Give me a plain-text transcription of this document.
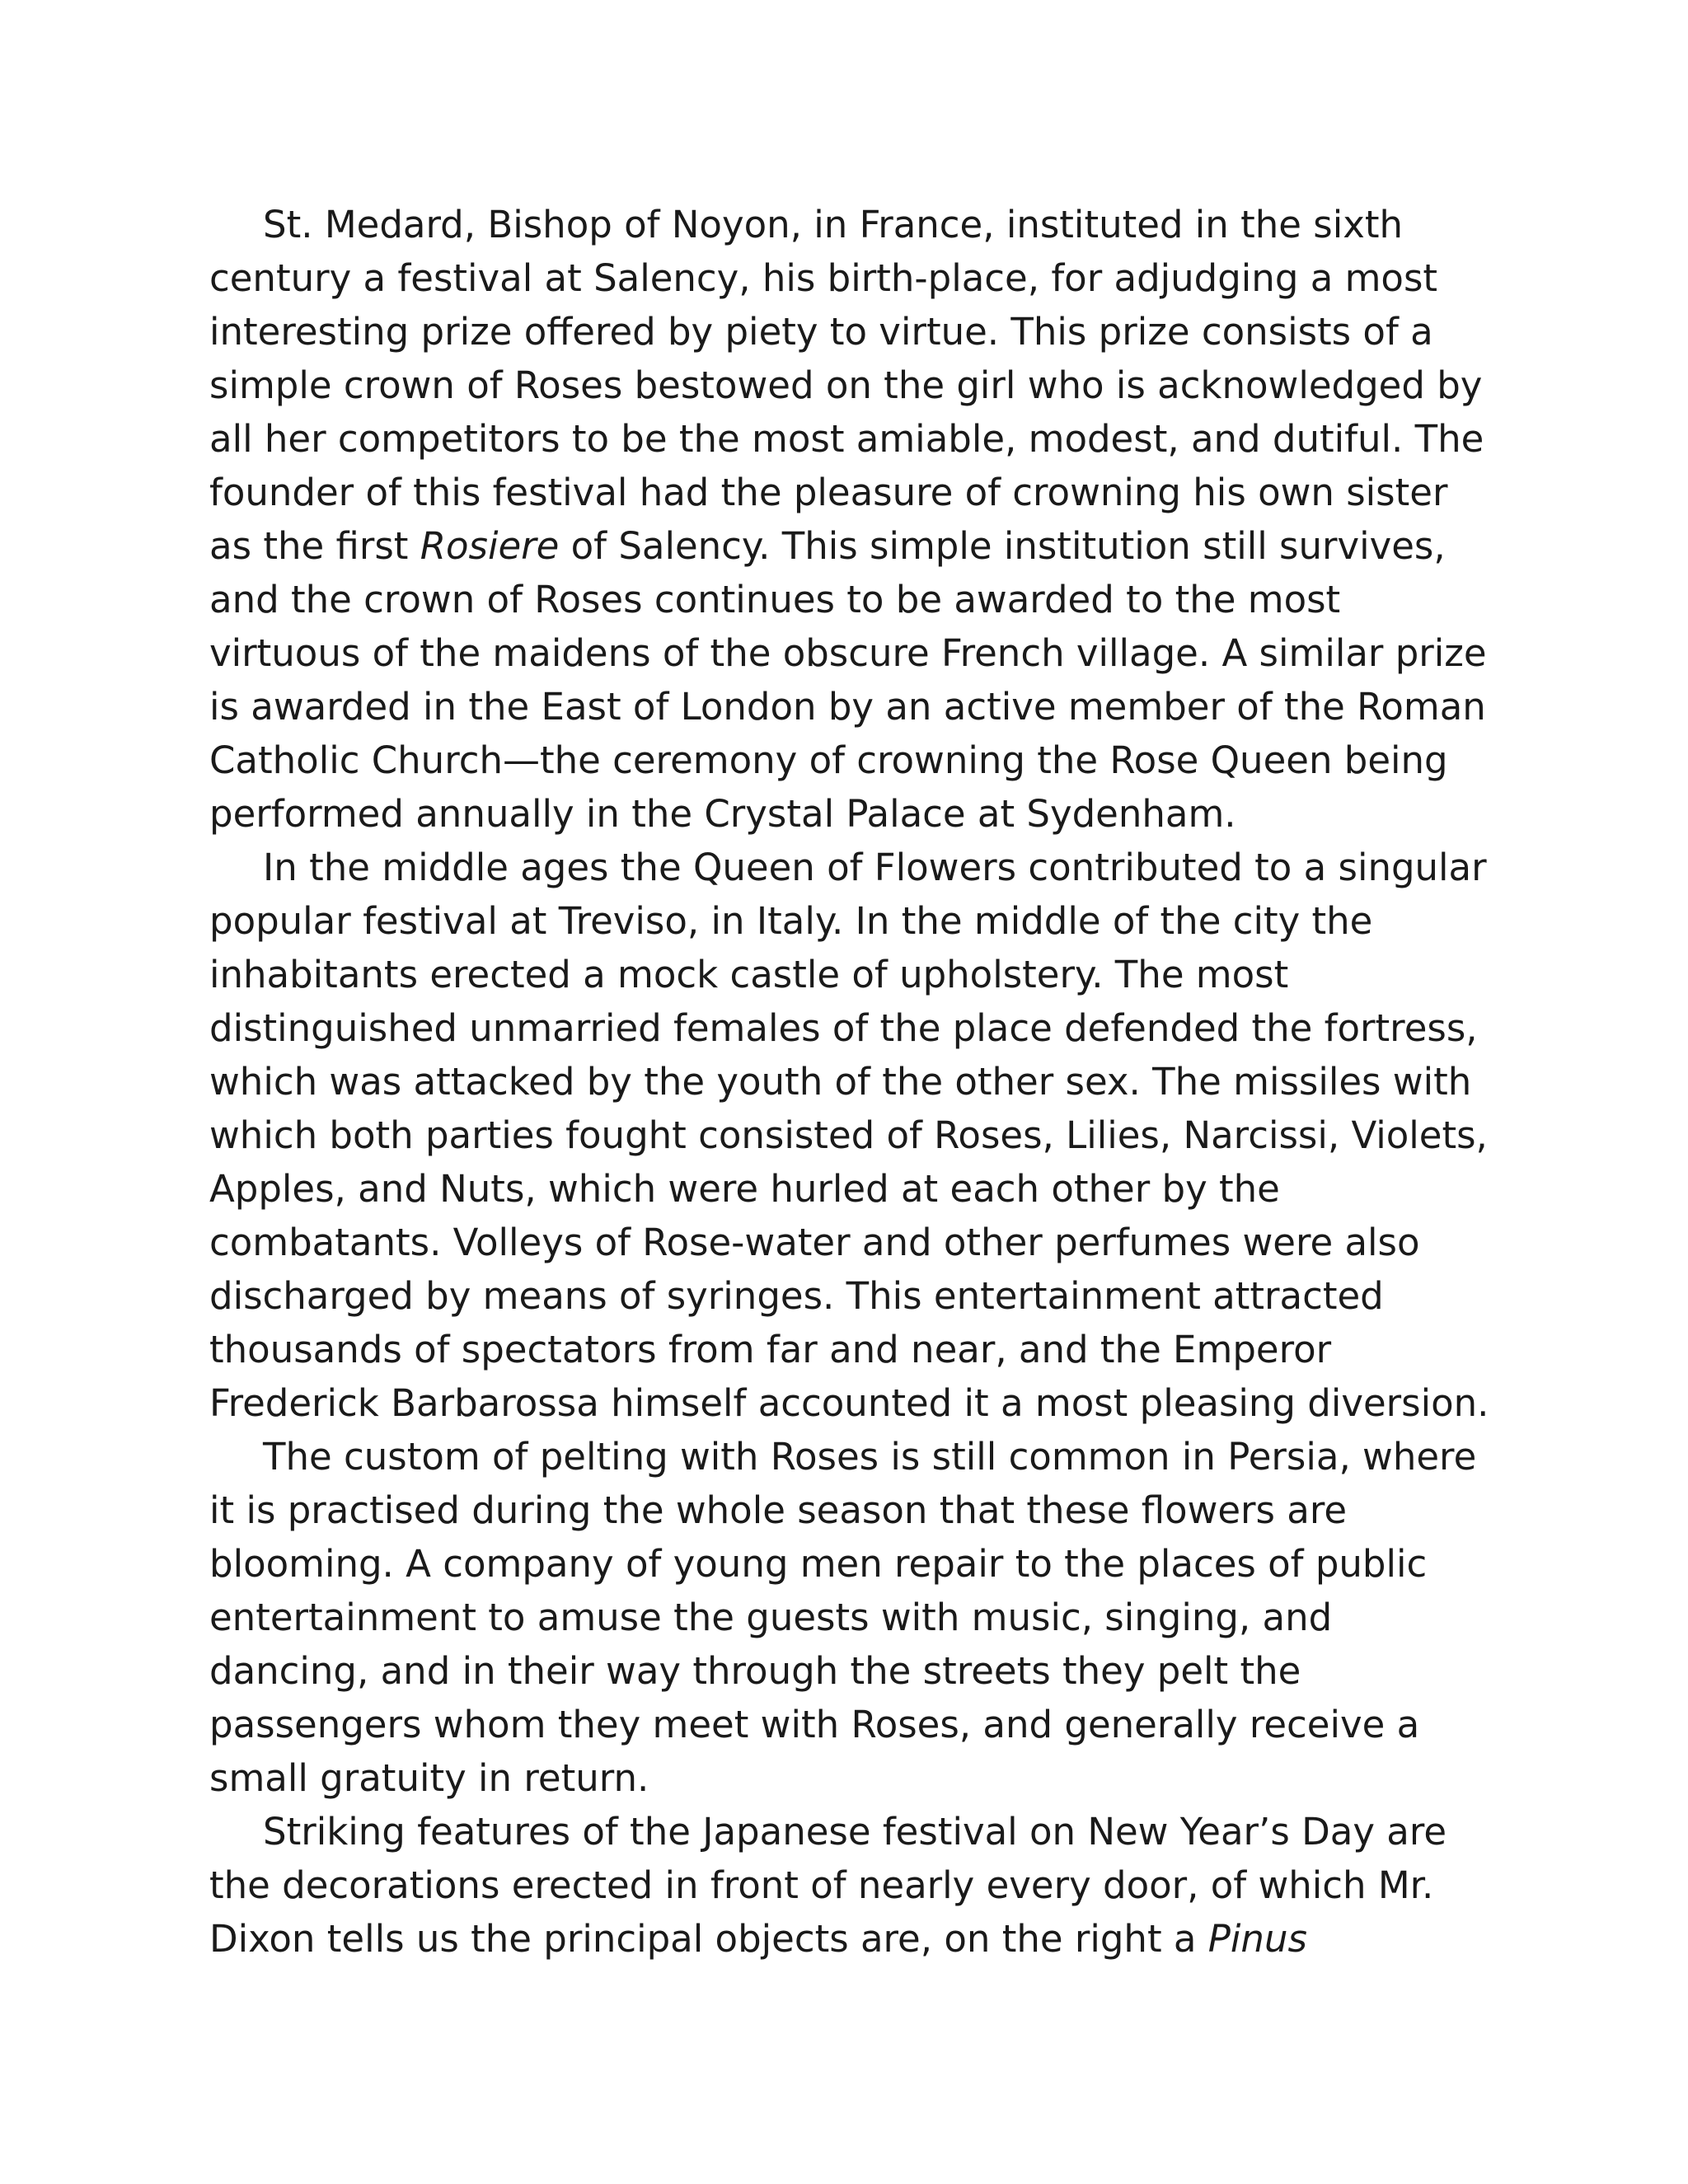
St. Medard, Bishop of Noyon, in France, instituted in the sixth
century a festival at Salency, his birth-place, for adjudging a most
interesting prize offered by piety to virtue. This prize consists of a
simple crown of Roses bestowed on the girl who is acknowledged by
all her competitors to be the most amiable, modest, and dutiful. The
founder of this festival had the pleasure of crowning his own sister
as the first Rosiere of Salency. This simple institution still survives,
and the crown of Roses continues to be awarded to the most
virtuous of the maidens of the obscure French village. A similar prize
is awarded in the East of London by an active member of the Roman
Catholic Church—the ceremony of crowning the Rose Queen being
performed annually in the Crystal Palace at Sydenham.
In the middle ages the Queen of Flowers contributed to a singular
popular festival at Treviso, in Italy. In the middle of the city the
inhabitants erected a mock castle of upholstery. The most
distinguished unmarried females of the place defended the fortress,
which was attacked by the youth of the other sex. The missiles with
which both parties fought consisted of Roses, Lilies, Narcissi, Violets,
Apples, and Nuts, which were hurled at each other by the
combatants. Volleys of Rose-water and other perfumes were also
discharged by means of syringes. This entertainment attracted
thousands of spectators from far and near, and the Emperor
Frederick Barbarossa himself accounted it a most pleasing diversion.
The custom of pelting with Roses is still common in Persia, where
it is practised during the whole season that these flowers are
blooming. A company of young men repair to the places of public
entertainment to amuse the guests with music, singing, and
dancing, and in their way through the streets they pelt the
passengers whom they meet with Roses, and generally receive a
small gratuity in return.
Striking features of the Japanese festival on New Year’s Day are
the decorations erected in front of nearly every door, of which Mr.
Dixon tells us the principal objects are, on the right a Pinus
